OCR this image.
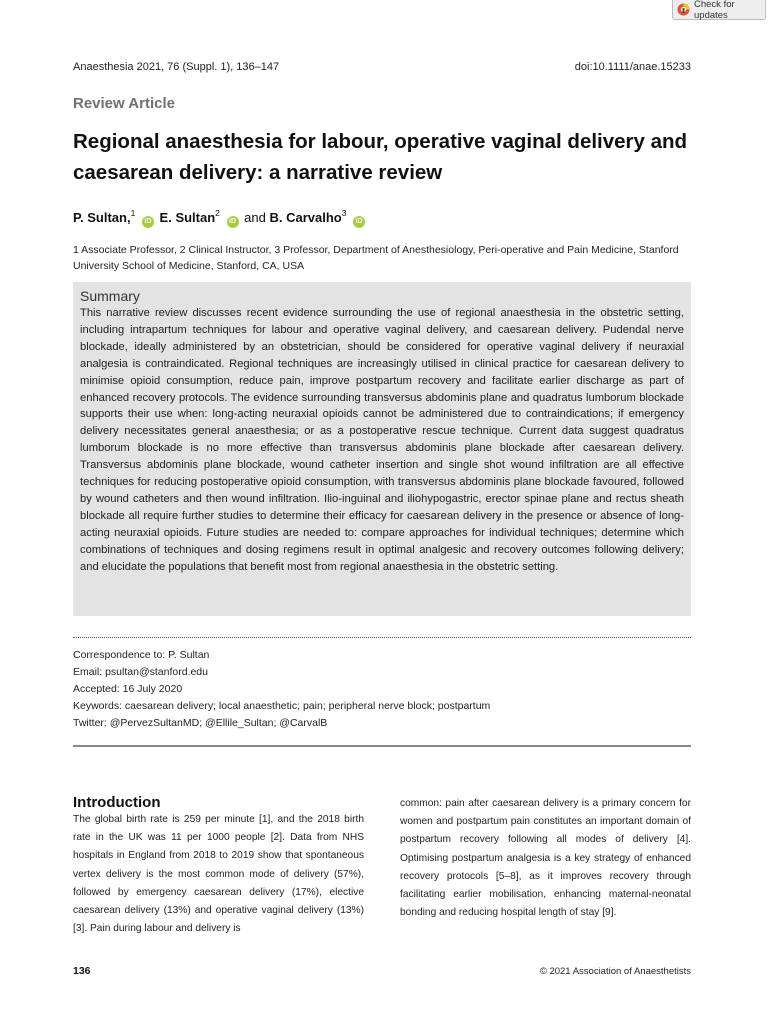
Check for updates
Anaesthesia 2021, 76 (Suppl. 1), 136–147	doi:10.1111/anae.15233
Review Article
Regional anaesthesia for labour, operative vaginal delivery and caesarean delivery: a narrative review
P. Sultan,$^1$ iD E. Sultan$^2$ iD and B. Carvalho$^3$ iD
1 Associate Professor, 2 Clinical Instructor, 3 Professor, Department of Anesthesiology, Peri-operative and Pain Medicine, Stanford University School of Medicine, Stanford, CA, USA
Summary

This narrative review discusses recent evidence surrounding the use of regional anaesthesia in the obstetric setting, including intrapartum techniques for labour and operative vaginal delivery, and caesarean delivery. Pudendal nerve blockade, ideally administered by an obstetrician, should be considered for operative vaginal delivery if neuraxial analgesia is contraindicated. Regional techniques are increasingly utilised in clinical practice for caesarean delivery to minimise opioid consumption, reduce pain, improve postpartum recovery and facilitate earlier discharge as part of enhanced recovery protocols. The evidence surrounding transversus abdominis plane and quadratus lumborum blockade supports their use when: long-acting neuraxial opioids cannot be administered due to contraindications; if emergency delivery necessitates general anaesthesia; or as a postoperative rescue technique. Current data suggest quadratus lumborum blockade is no more effective than transversus abdominis plane blockade after caesarean delivery. Transversus abdominis plane blockade, wound catheter insertion and single shot wound infiltration are all effective techniques for reducing postoperative opioid consumption, with transversus abdominis plane blockade favoured, followed by wound catheters and then wound infiltration. Ilio-inguinal and iliohypogastric, erector spinae plane and rectus sheath blockade all require further studies to determine their efficacy for caesarean delivery in the presence or absence of long-acting neuraxial opioids. Future studies are needed to: compare approaches for individual techniques; determine which combinations of techniques and dosing regimens result in optimal analgesic and recovery outcomes following delivery; and elucidate the populations that benefit most from regional anaesthesia in the obstetric setting.

Correspondence to: P. Sultan
Email: psultan@stanford.edu
Accepted: 16 July 2020
Keywords: caesarean delivery; local anaesthetic; pain; peripheral nerve block; postpartum
Twitter: @PervezSultanMD; @Ellile_Sultan; @CarvalB
Introduction
The global birth rate is 259 per minute [1], and the 2018 birth rate in the UK was 11 per 1000 people [2]. Data from NHS hospitals in England from 2018 to 2019 show that spontaneous vertex delivery is the most common mode of delivery (57%), followed by emergency caesarean delivery (17%), elective caesarean delivery (13%) and operative vaginal delivery (13%) [3]. Pain during labour and delivery is
common: pain after caesarean delivery is a primary concern for women and postpartum pain constitutes an important domain of postpartum recovery following all modes of delivery [4]. Optimising postpartum analgesia is a key strategy of enhanced recovery protocols [5–8], as it improves recovery through facilitating earlier mobilisation, enhancing maternal-neonatal bonding and reducing hospital length of stay [9].
136	© 2021 Association of Anaesthetists
